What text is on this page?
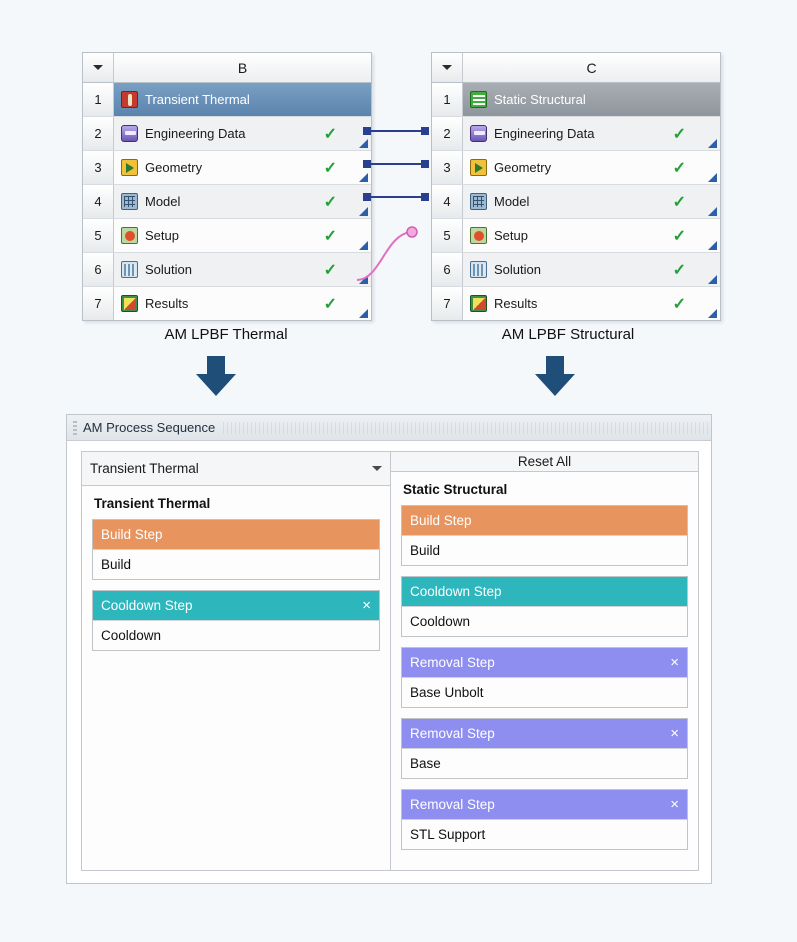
B
1	Transient Thermal
2	Engineering Data	✓
3	Geometry	✓
4	Model	✓
5	Setup	✓
6	Solution	✓
7	Results	✓
C
1	Static Structural
2	Engineering Data	✓
3	Geometry	✓
4	Model	✓
5	Setup	✓
6	Solution	✓
7	Results	✓
AM LPBF Thermal	AM LPBF Structural
AM Process Sequence
Transient Thermal
Transient Thermal
Build Step
Build
Cooldown Step	×
Cooldown
Reset All
Static Structural
Build Step
Build
Cooldown Step
Cooldown
Removal Step	×
Base Unbolt
Removal Step	×
Base
Removal Step	×
STL Support
